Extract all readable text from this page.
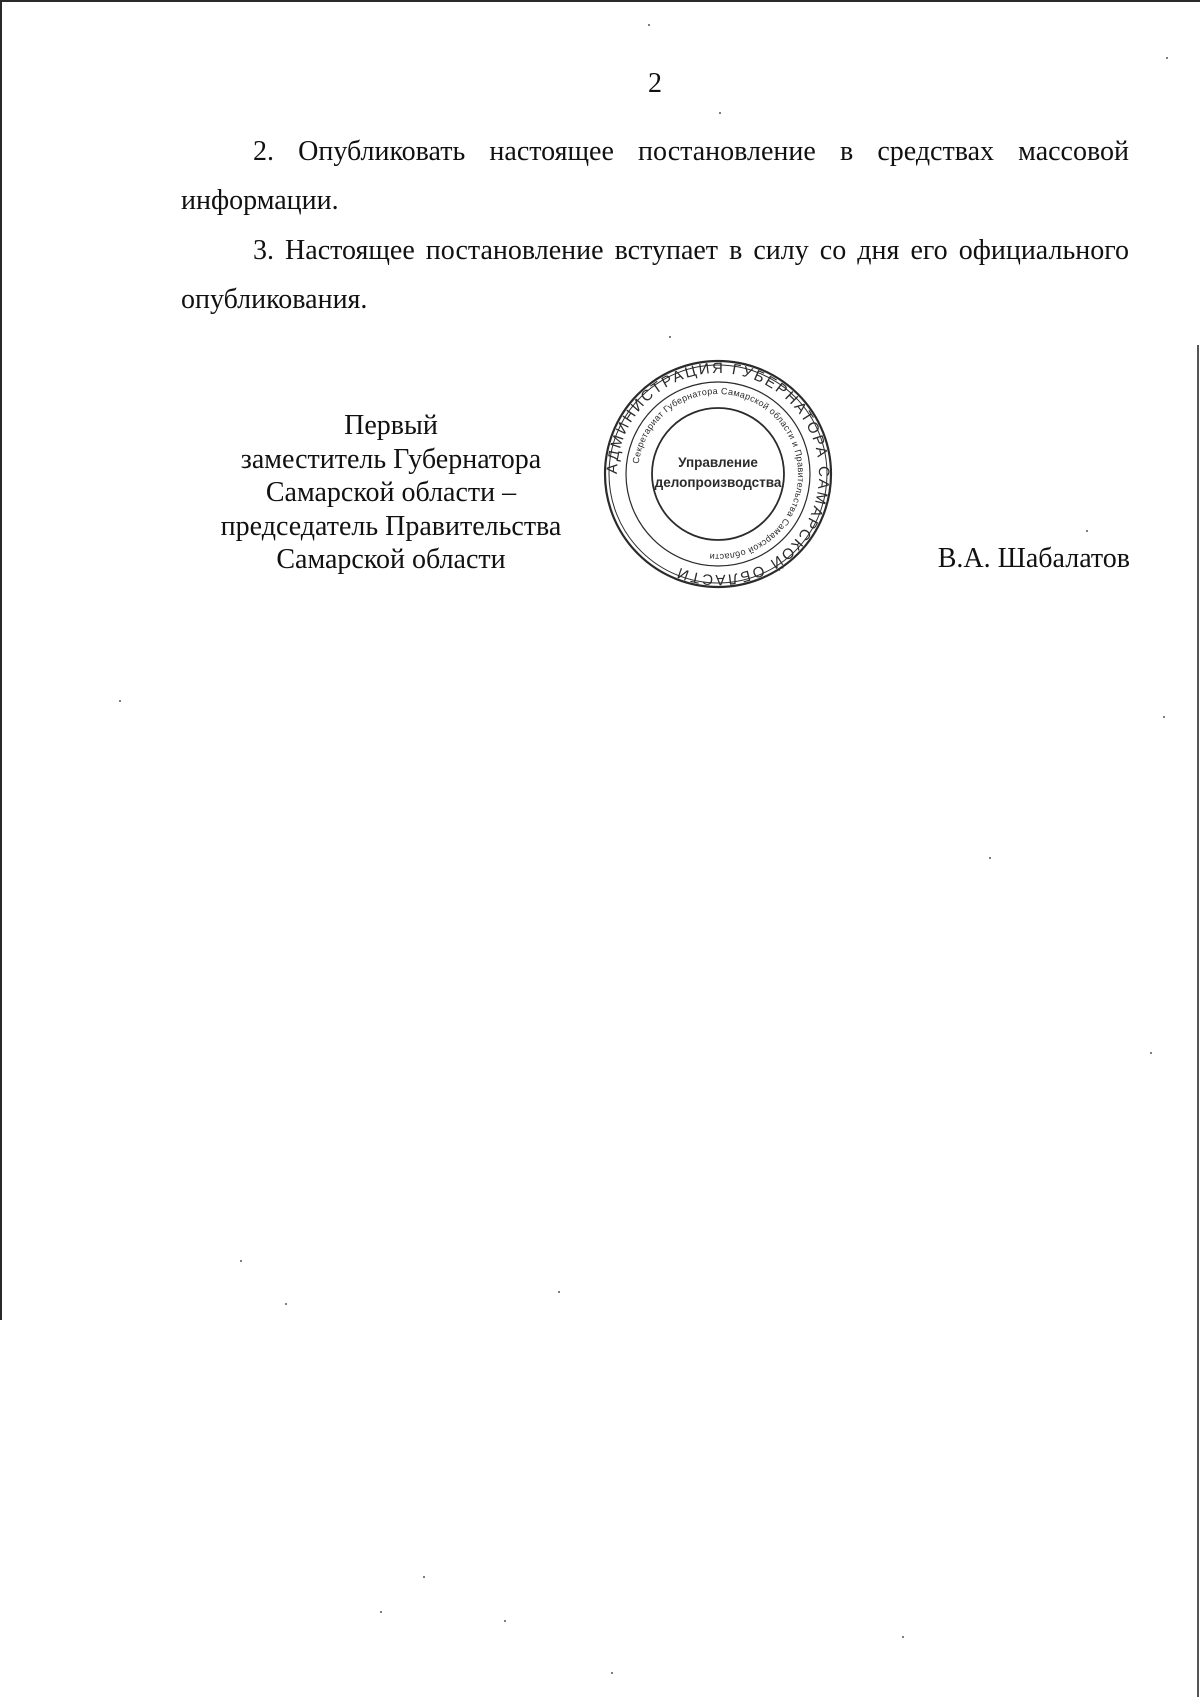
2

2. Опубликовать настоящее постановление в средствах массовой информации.

3. Настоящее постановление вступает в силу со дня его официального опубликования.

Первый
заместитель Губернатора
Самарской области –
председатель Правительства
Самарской области
АДМИНИСТРАЦИЯ ГУБЕРНАТОРА САМАРСКОЙ ОБЛАСТИ
Секретариат Губернатора Самарской области и Правительства Самарской области
Управление
делопроизводства
В.А. Шабалатов
